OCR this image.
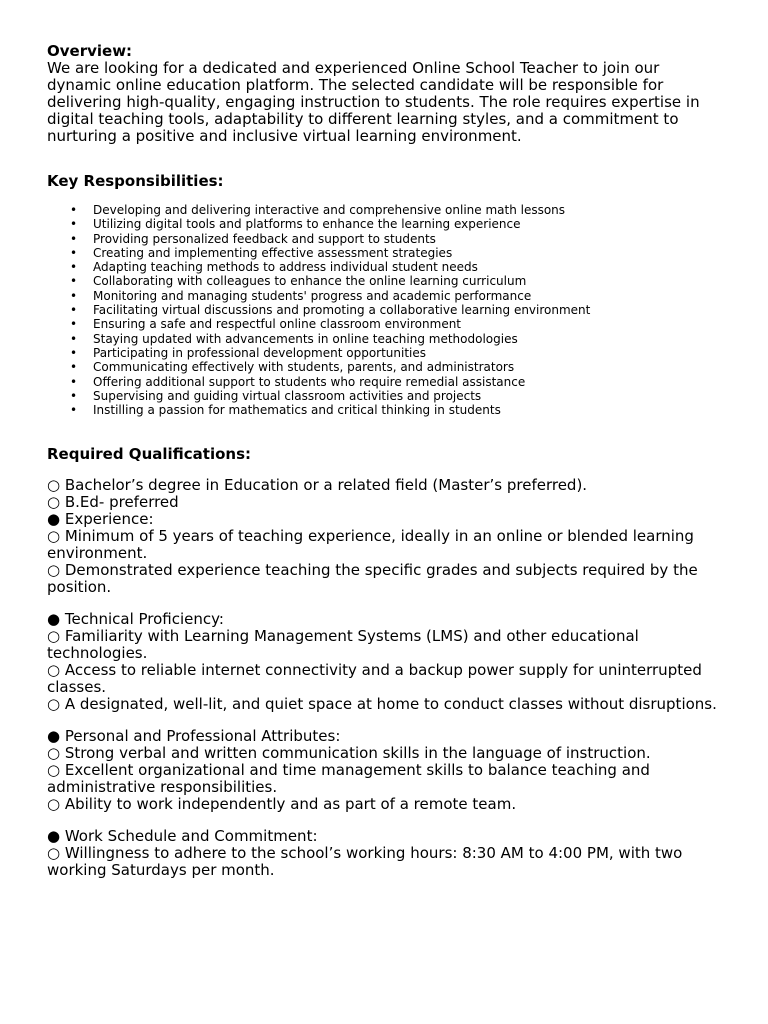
Overview:

We are looking for a dedicated and experienced Online School Teacher to join our dynamic online education platform. The selected candidate will be responsible for delivering high-quality, engaging instruction to students. The role requires expertise in digital teaching tools, adaptability to different learning styles, and a commitment to nurturing a positive and inclusive virtual learning environment.

Key Responsibilities:

• Developing and delivering interactive and comprehensive online math lessons
• Utilizing digital tools and platforms to enhance the learning experience
• Providing personalized feedback and support to students
• Creating and implementing effective assessment strategies
• Adapting teaching methods to address individual student needs
• Collaborating with colleagues to enhance the online learning curriculum
• Monitoring and managing students' progress and academic performance
• Facilitating virtual discussions and promoting a collaborative learning environment
• Ensuring a safe and respectful online classroom environment
• Staying updated with advancements in online teaching methodologies
• Participating in professional development opportunities
• Communicating effectively with students, parents, and administrators
• Offering additional support to students who require remedial assistance
• Supervising and guiding virtual classroom activities and projects
• Instilling a passion for mathematics and critical thinking in students

Required Qualifications:

○ Bachelor’s degree in Education or a related field (Master’s preferred).

○ B.Ed- preferred

● Experience:

○ Minimum of 5 years of teaching experience, ideally in an online or blended learning environment.

○ Demonstrated experience teaching the specific grades and subjects required by the position.

● Technical Proficiency:

○ Familiarity with Learning Management Systems (LMS) and other educational technologies.

○ Access to reliable internet connectivity and a backup power supply for uninterrupted classes.

○ A designated, well-lit, and quiet space at home to conduct classes without disruptions.

● Personal and Professional Attributes:

○ Strong verbal and written communication skills in the language of instruction.

○ Excellent organizational and time management skills to balance teaching and administrative responsibilities.

○ Ability to work independently and as part of a remote team.

● Work Schedule and Commitment:

○ Willingness to adhere to the school’s working hours: 8:30 AM to 4:00 PM, with two working Saturdays per month.
